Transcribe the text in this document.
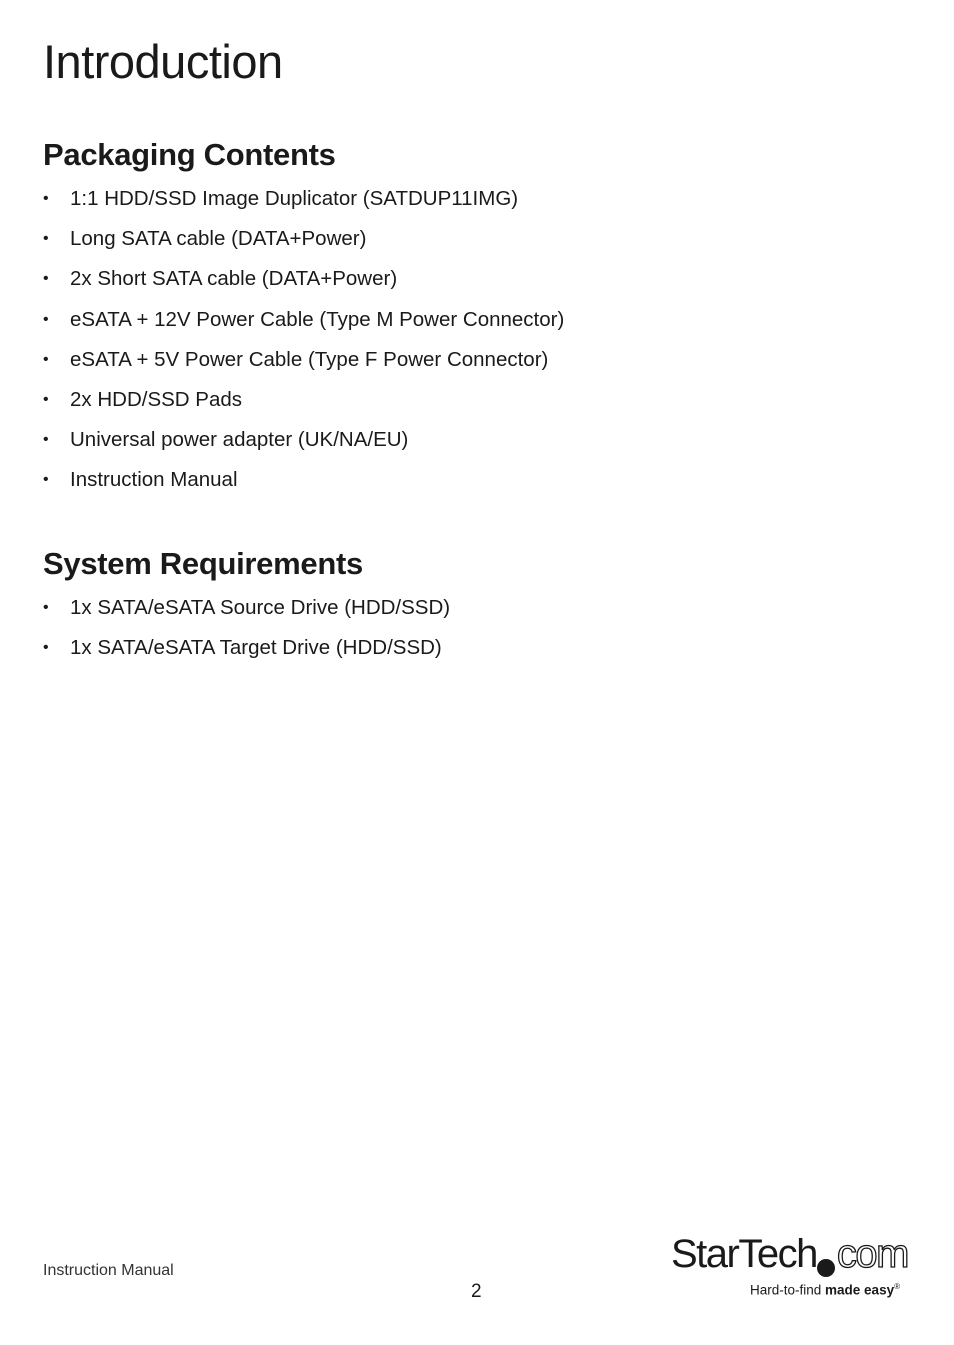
Introduction
Packaging Contents
• 1:1 HDD/SSD Image Duplicator (SATDUP11IMG)
• Long SATA cable (DATA+Power)
• 2x Short SATA cable (DATA+Power)
• eSATA + 12V Power Cable (Type M Power Connector)
• eSATA + 5V Power Cable (Type F Power Connector)
• 2x HDD/SSD Pads
• Universal power adapter (UK/NA/EU)
• Instruction Manual
System Requirements
• 1x SATA/eSATA Source Drive (HDD/SSD)
• 1x SATA/eSATA Target Drive (HDD/SSD)
Instruction Manual
2
StarTech com
Hard-to-find made easy®
